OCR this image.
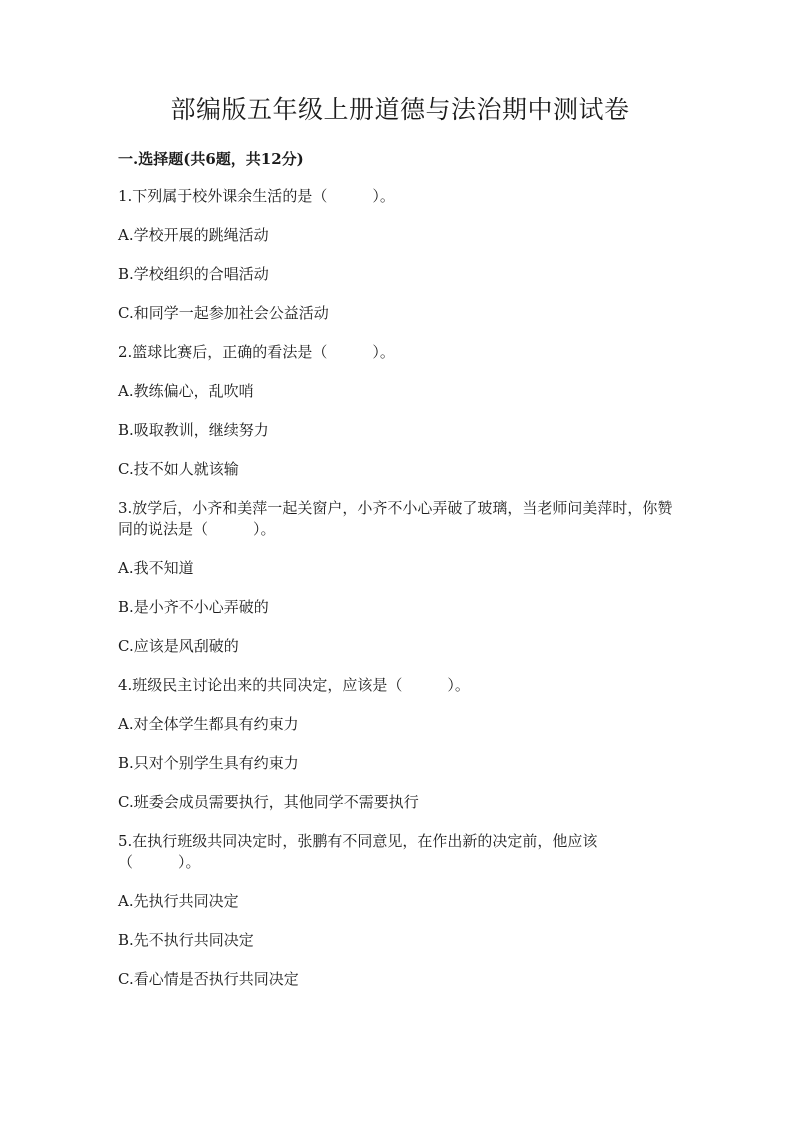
部编版五年级上册道德与法治期中测试卷
一.选择题(共6题，共12分)

1.下列属于校外课余生活的是（　　　）。

A.学校开展的跳绳活动

B.学校组织的合唱活动

C.和同学一起参加社会公益活动

2.篮球比赛后，正确的看法是（　　　）。

A.教练偏心，乱吹哨

B.吸取教训，继续努力

C.技不如人就该输

3.放学后，小齐和美萍一起关窗户，小齐不小心弄破了玻璃，当老师问美萍时，你赞同的说法是（　　　）。

A.我不知道

B.是小齐不小心弄破的

C.应该是风刮破的

4.班级民主讨论出来的共同决定，应该是（　　　）。

A.对全体学生都具有约束力

B.只对个别学生具有约束力

C.班委会成员需要执行，其他同学不需要执行

5.在执行班级共同决定时，张鹏有不同意见，在作出新的决定前，他应该（　　　）。

A.先执行共同决定

B.先不执行共同决定

C.看心情是否执行共同决定
